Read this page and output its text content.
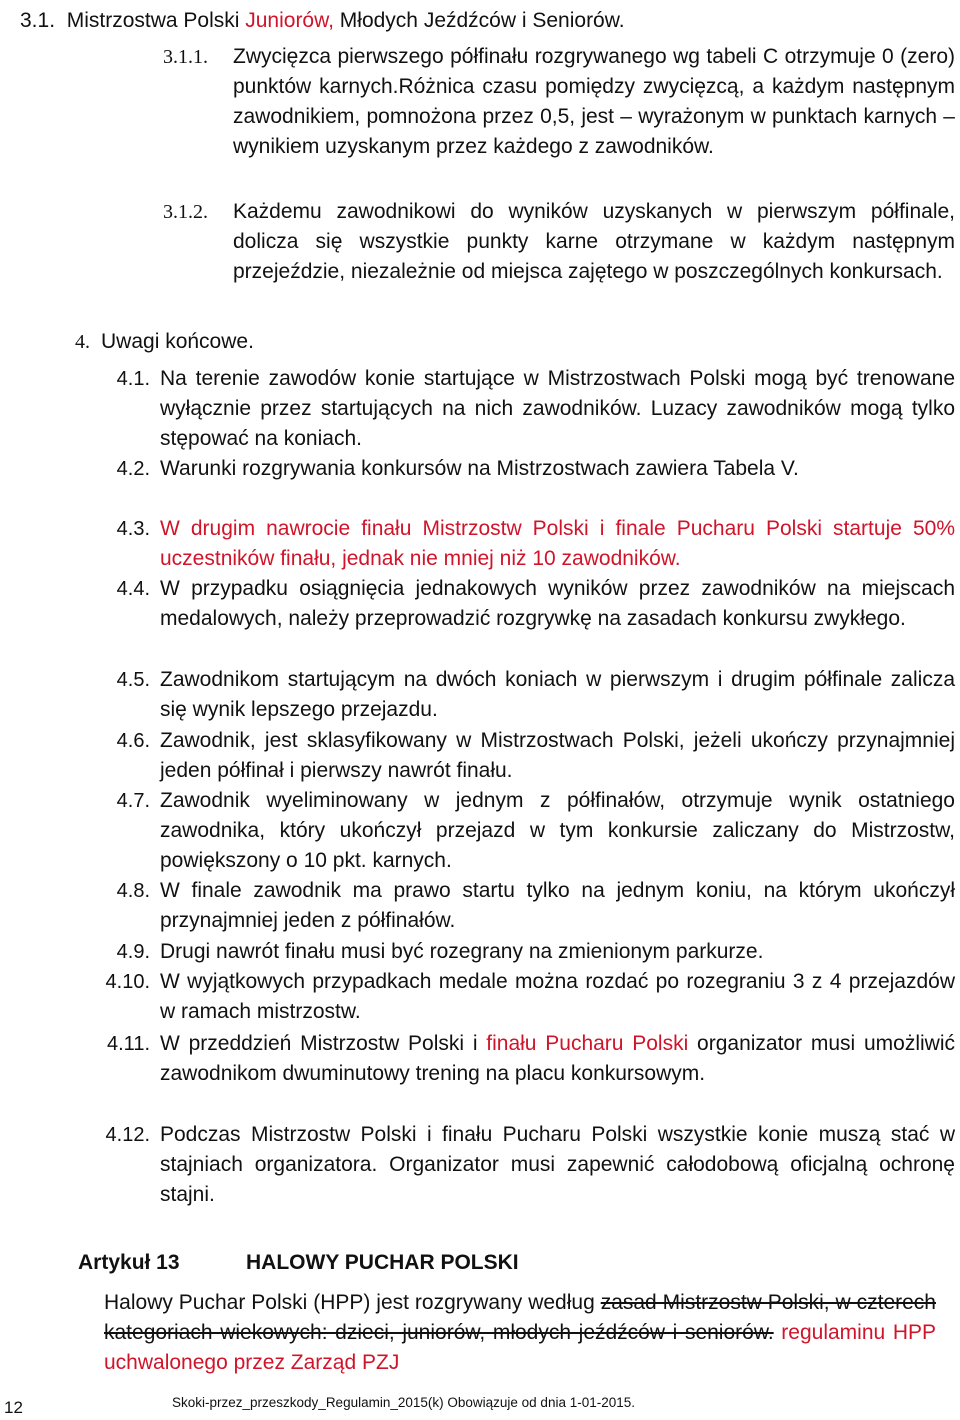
3.1. Mistrzostwa Polski Juniorów, Młodych Jeźdźców i Seniorów.
3.1.1. Zwycięzca pierwszego półfinału rozgrywanego wg tabeli C otrzymuje 0 (zero) punktów karnych.Różnica czasu pomiędzy zwycięzcą, a każdym następnym zawodnikiem, pomnożona przez 0,5, jest – wyrażonym w punktach karnych – wynikiem uzyskanym przez każdego z zawodników.
3.1.2. Każdemu zawodnikowi do wyników uzyskanych w pierwszym półfinale, dolicza się wszystkie punkty karne otrzymane w każdym następnym przejeździe, niezależnie od miejsca zajętego w poszczególnych konkursach.
4. Uwagi końcowe.
4.1. Na terenie zawodów konie startujące w Mistrzostwach Polski mogą być trenowane wyłącznie przez startujących na nich zawodników. Luzacy zawodników mogą tylko stępować na koniach.
4.2. Warunki rozgrywania konkursów na Mistrzostwach zawiera Tabela V.
4.3. W drugim nawrocie finału Mistrzostw Polski i finale Pucharu Polski startuje 50% uczestników finału, jednak nie mniej niż 10 zawodników.
4.4. W przypadku osiągnięcia jednakowych wyników przez zawodników na miejscach medalowych, należy przeprowadzić rozgrywkę na zasadach konkursu zwykłego.
4.5. Zawodnikom startującym na dwóch koniach w pierwszym i drugim półfinale zalicza się wynik lepszego przejazdu.
4.6. Zawodnik, jest sklasyfikowany w Mistrzostwach Polski, jeżeli ukończy przynajmniej jeden półfinał i pierwszy nawrót finału.
4.7. Zawodnik wyeliminowany w jednym z półfinałów, otrzymuje wynik ostatniego zawodnika, który ukończył przejazd w tym konkursie zaliczany do Mistrzostw, powiększony o 10 pkt. karnych.
4.8. W finale zawodnik ma prawo startu tylko na jednym koniu, na którym ukończył przynajmniej jeden z półfinałów.
4.9. Drugi nawrót finału musi być rozegrany na zmienionym parkurze.
4.10. W wyjątkowych przypadkach medale można rozdać po rozegraniu 3 z 4 przejazdów w ramach mistrzostw.
4.11. W przeddzień Mistrzostw Polski i finału Pucharu Polski organizator musi umożliwić zawodnikom dwuminutowy trening na placu konkursowym.
4.12. Podczas Mistrzostw Polski i finału Pucharu Polski wszystkie konie muszą stać w stajniach organizatora. Organizator musi zapewnić całodobową oficjalną ochronę stajni.
Artykuł 13	HALOWY PUCHAR POLSKI
Halowy Puchar Polski (HPP) jest rozgrywany według zasad Mistrzostw Polski, w czterech kategoriach wiekowych: dzieci, juniorów, młodych jeźdźców i seniorów. regulaminu HPP uchwalonego przez Zarząd PZJ
12	Skoki-przez_przeszkody_Regulamin_2015(k) Obowiązuje od dnia 1-01-2015.
